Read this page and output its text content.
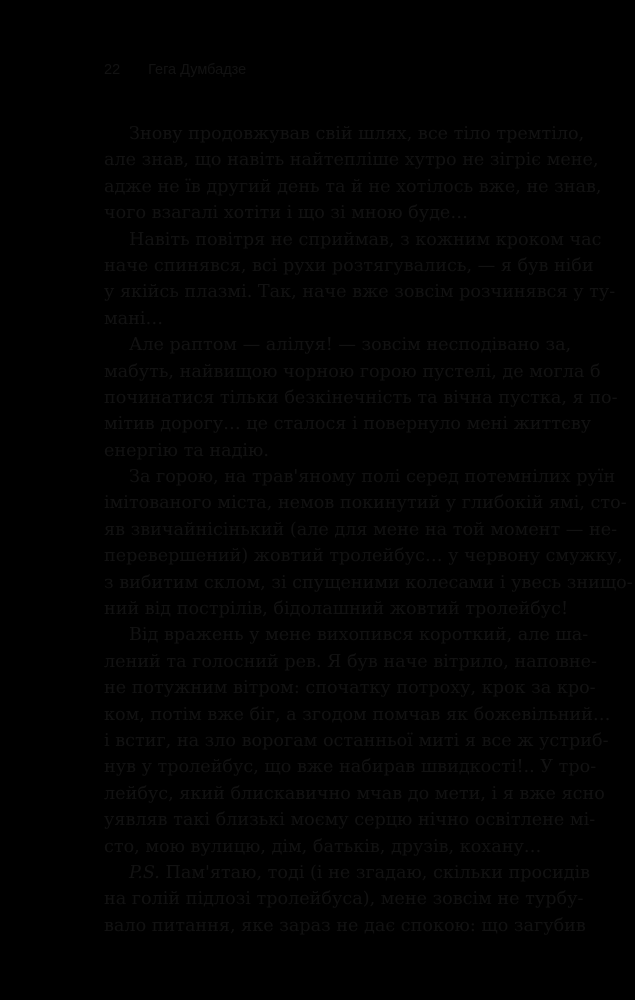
22 Гега Думбадзе
Знову продовжував свій шлях, все тіло тремтіло,
але знав, що навіть найтепліше хутро не зігріє мене,
адже не їв другий день та й не хотілось вже, не знав,
чого взагалі хотіти і що зі мною буде…
Навіть повітря не сприймав, з кожним кроком час
наче спинявся, всі рухи розтягувались, — я був ніби
у якійсь плазмі. Так, наче вже зовсім розчинявся у ту-
мані…
Але раптом — алілуя! — зовсім несподівано за,
мабуть, найвищою чорною горою пустелі, де могла б
починатися тільки безкінечність та вічна пустка, я по-
мітив дорогу… це сталося і повернуло мені життєву
енергію та надію.
За горою, на трав'яному полі серед потемнілих руїн
імітованого міста, немов покинутий у глибокій ямі, сто-
яв звичайнісінький (але для мене на той момент — не-
перевершений) жовтий тролейбус… у червону смужку,
з вибитим склом, зі спущеними колесами і увесь знищо-
ний від пострілів, бідолашний жовтий тролейбус!
Від вражень у мене вихопився короткий, але ша-
лений та голосний рев. Я був наче вітрило, наповне-
не потужним вітром: спочатку потроху, крок за кро-
ком, потім вже біг, а згодом помчав як божевільний…
і встиг, на зло ворогам останньої миті я все ж устриб-
нув у тролейбус, що вже набирав швидкості!.. У тро-
лейбус, який блискавично мчав до мети, і я вже ясно
уявляв такі близькі моєму серцю нічно освітлене мі-
сто, мою вулицю, дім, батьків, друзів, кохану…
P.S. Пам'ятаю, тоді (і не згадаю, скільки просидів
на голій підлозі тролейбуса), мене зовсім не турбу-
вало питання, яке зараз не дає спокою: що загубив
